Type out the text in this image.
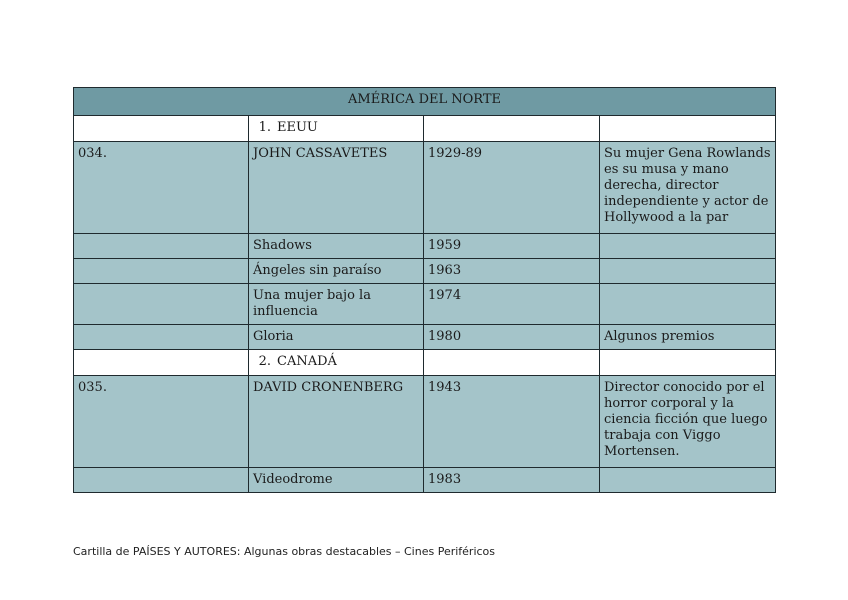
AMÉRICA DEL NORTE			
	1. EEUU		
034.	JOHN CASSAVETES	1929-89	Su mujer Gena Rowlands es su musa y mano derecha, director independiente y actor de Hollywood a la par
	Shadows	1959	
	Ángeles sin paraíso	1963	
	Una mujer bajo la influencia	1974	
	Gloria	1980	Algunos premios
	2. CANADÁ		
035.	DAVID CRONENBERG	1943	Director conocido por el horror corporal y la ciencia ficción que luego trabaja con Viggo Mortensen.
	Videodrome	1983	
Cartilla de PAÍSES Y AUTORES: Algunas obras destacables – Cines Periféricos
